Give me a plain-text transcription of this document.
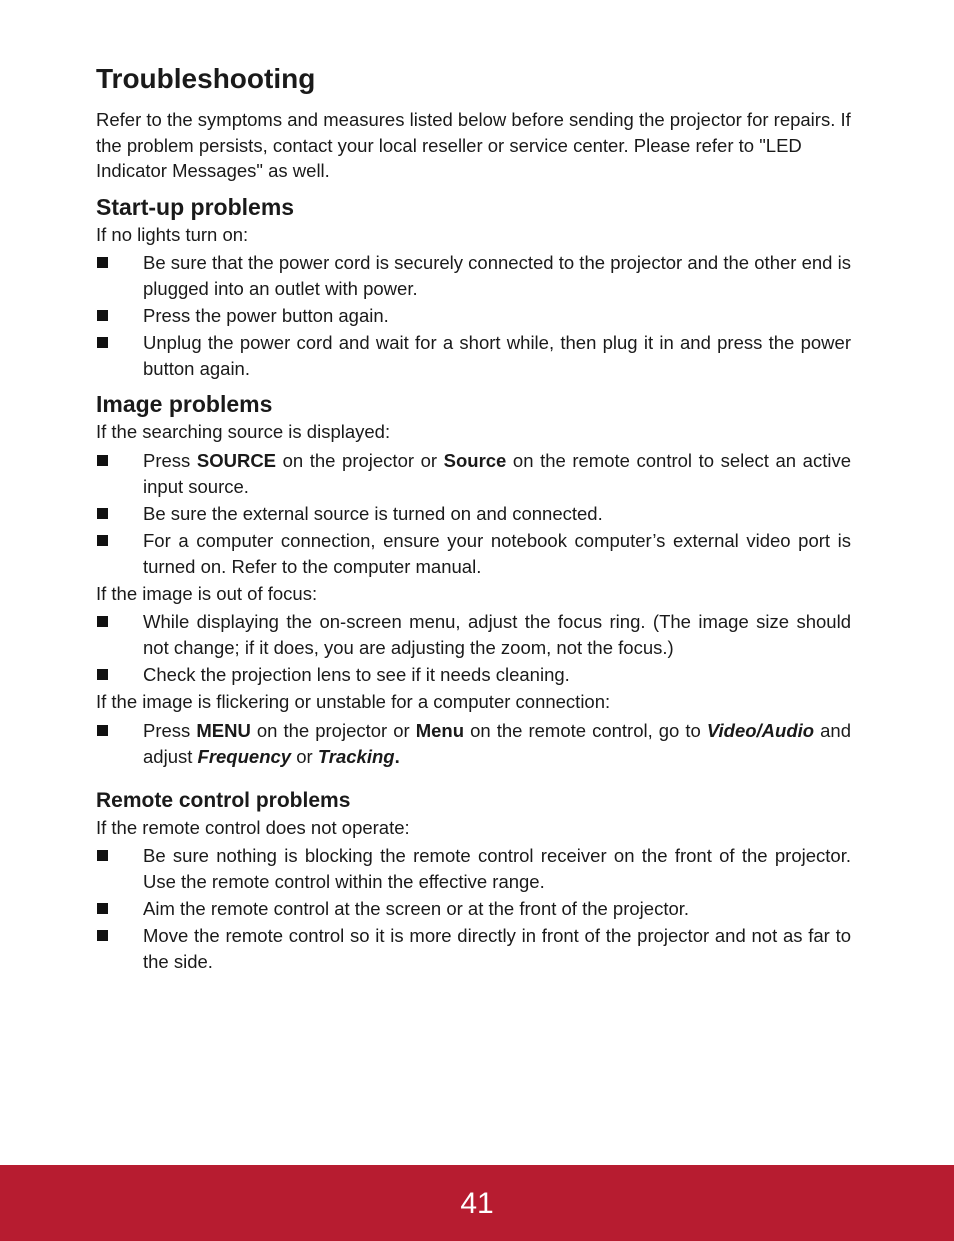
Troubleshooting

Refer to the symptoms and measures listed below before sending the projector for repairs. If the problem persists, contact your local reseller or service center. Please refer to "LED Indicator Messages" as well.

Start-up problems

If no lights turn on:

Be sure that the power cord is securely connected to the projector and the other end is plugged into an outlet with power.
Press the power button again.
Unplug the power cord and wait for a short while, then plug it in and press the power button again.
Image problems

If the searching source is displayed:

Press SOURCE on the projector or Source on the remote control to select an active input source.
Be sure the external source is turned on and connected.
For a computer connection, ensure your notebook computer’s external video port is turned on. Refer to the computer manual.

If the image is out of focus:

While displaying the on-screen menu, adjust the focus ring. (The image size should not change; if it does, you are adjusting the zoom, not the focus.)
Check the projection lens to see if it needs cleaning.

If the image is flickering or unstable for a computer connection:

Press MENU on the projector or Menu on the remote control, go to Video/Audio and adjust Frequency or Tracking.
Remote control problems

If the remote control does not operate:

Be sure nothing is blocking the remote control receiver on the front of the projector. Use the remote control within the effective range.
Aim the remote control at the screen or at the front of the projector.
Move the remote control so it is more directly in front of the projector and not as far to the side.
41
